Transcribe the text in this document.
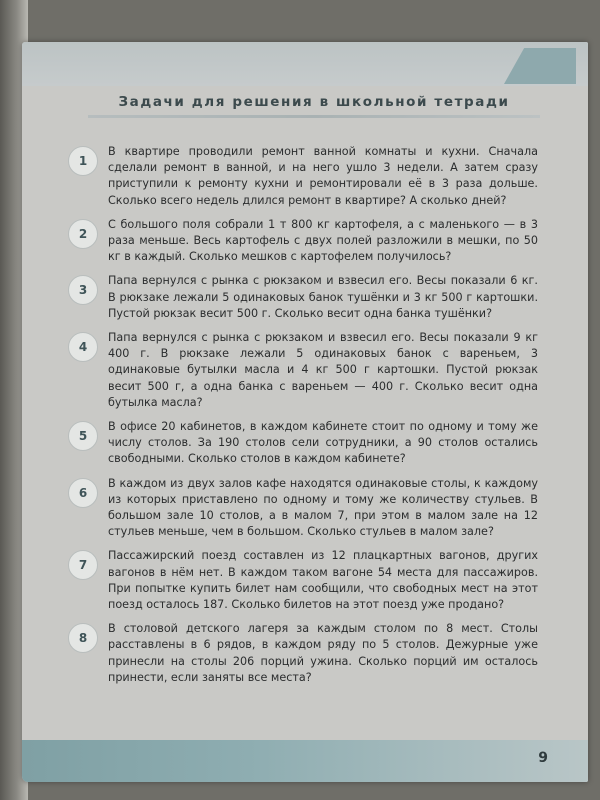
Задачи для решения в школьной тетради
1
В квартире проводили ремонт ванной комнаты и кухни. Сначала сделали ремонт в ванной, и на него ушло 3 недели. А затем сразу приступили к ремонту кухни и ремонтировали её в 3 раза дольше. Сколько всего недель длился ремонт в квартире? А сколько дней?
2
С большого поля собрали 1 т 800 кг картофеля, а с маленького — в 3 раза меньше. Весь картофель с двух полей разложили в мешки, по 50 кг в каждый. Сколько мешков с картофелем получилось?
3
Папа вернулся с рынка с рюкзаком и взвесил его. Весы показали 6 кг. В рюкзаке лежали 5 одинаковых банок тушёнки и 3 кг 500 г картошки. Пустой рюкзак весит 500 г. Сколько весит одна банка тушёнки?
4
Папа вернулся с рынка с рюкзаком и взвесил его. Весы показали 9 кг 400 г. В рюкзаке лежали 5 одинаковых банок с вареньем, 3 одинаковые бутылки масла и 4 кг 500 г картошки. Пустой рюкзак весит 500 г, а одна банка с вареньем — 400 г. Сколько весит одна бутылка масла?
5
В офисе 20 кабинетов, в каждом кабинете стоит по одному и тому же числу столов. За 190 столов сели сотрудники, а 90 столов остались свободными. Сколько столов в каждом кабинете?
6
В каждом из двух залов кафе находятся одинаковые столы, к каждому из которых приставлено по одному и тому же количеству стульев. В большом зале 10 столов, а в малом 7, при этом в малом зале на 12 стульев меньше, чем в большом. Сколько стульев в малом зале?
7
Пассажирский поезд составлен из 12 плацкартных вагонов, других вагонов в нём нет. В каждом таком вагоне 54 места для пассажиров. При попытке купить билет нам сообщили, что свободных мест на этот поезд осталось 187. Сколько билетов на этот поезд уже продано?
8
В столовой детского лагеря за каждым столом по 8 мест. Столы расставлены в 6 рядов, в каждом ряду по 5 столов. Дежурные уже принесли на столы 206 порций ужина. Сколько порций им осталось принести, если заняты все места?
9
